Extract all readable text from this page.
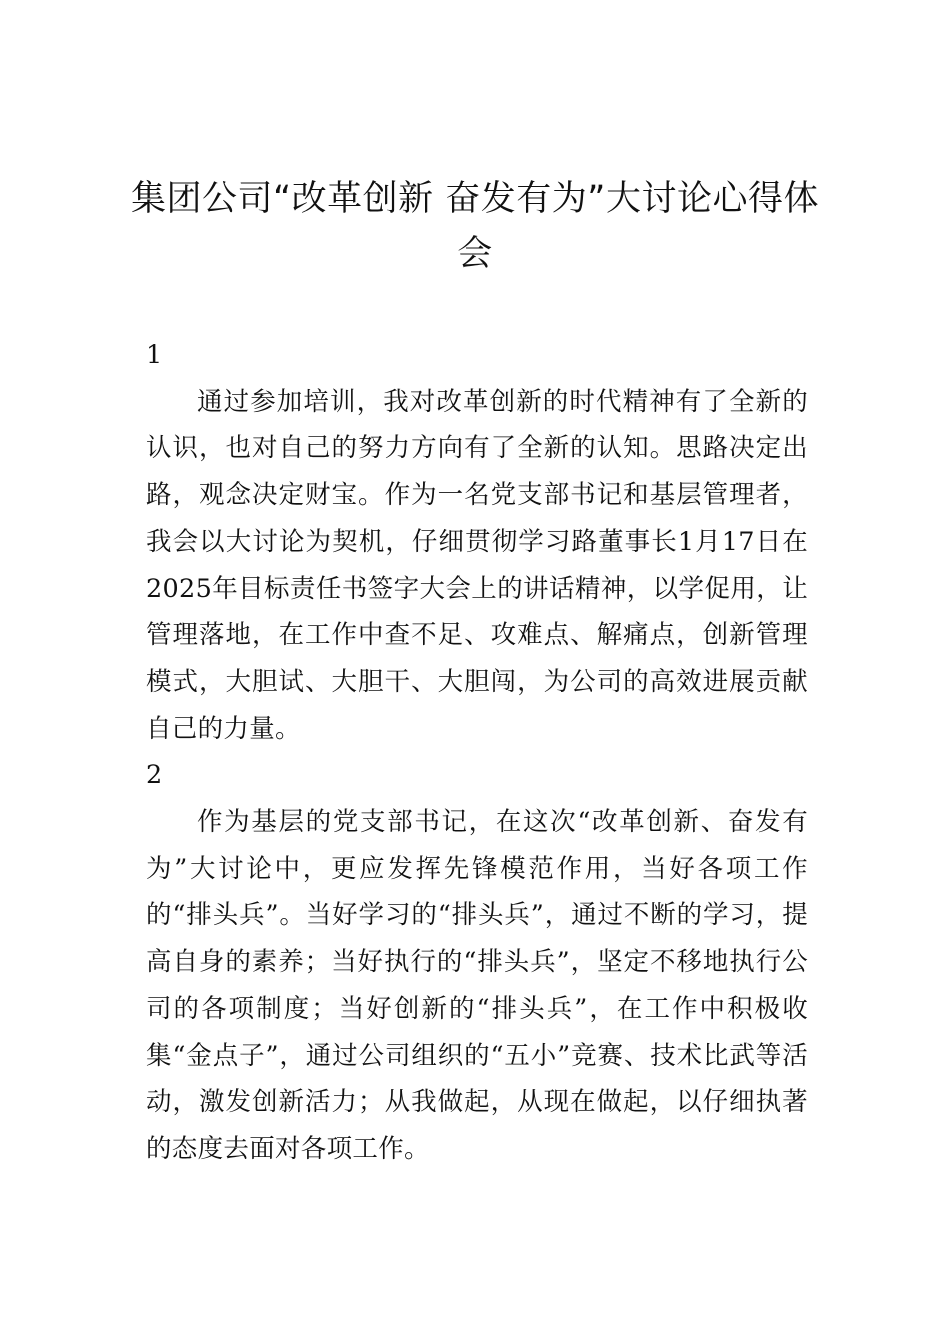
集团公司“改革创新 奋发有为”大讨论心得体会

1

通过参加培训，我对改革创新的时代精神有了全新的认识，也对自己的努力方向有了全新的认知。思路决定出路，观念决定财宝。作为一名党支部书记和基层管理者，我会以大讨论为契机，仔细贯彻学习路董事长1月17日在2025年目标责任书签字大会上的讲话精神，以学促用，让管理落地，在工作中查不足、攻难点、解痛点，创新管理模式，大胆试、大胆干、大胆闯，为公司的高效进展贡献自己的力量。

2

作为基层的党支部书记，在这次“改革创新、奋发有为”大讨论中，更应发挥先锋模范作用，当好各项工作的“排头兵”。当好学习的“排头兵”，通过不断的学习，提高自身的素养；当好执行的“排头兵”，坚定不移地执行公司的各项制度；当好创新的“排头兵”，在工作中积极收集“金点子”，通过公司组织的“五小”竞赛、技术比武等活动，激发创新活力；从我做起，从现在做起，以仔细执著的态度去面对各项工作。
